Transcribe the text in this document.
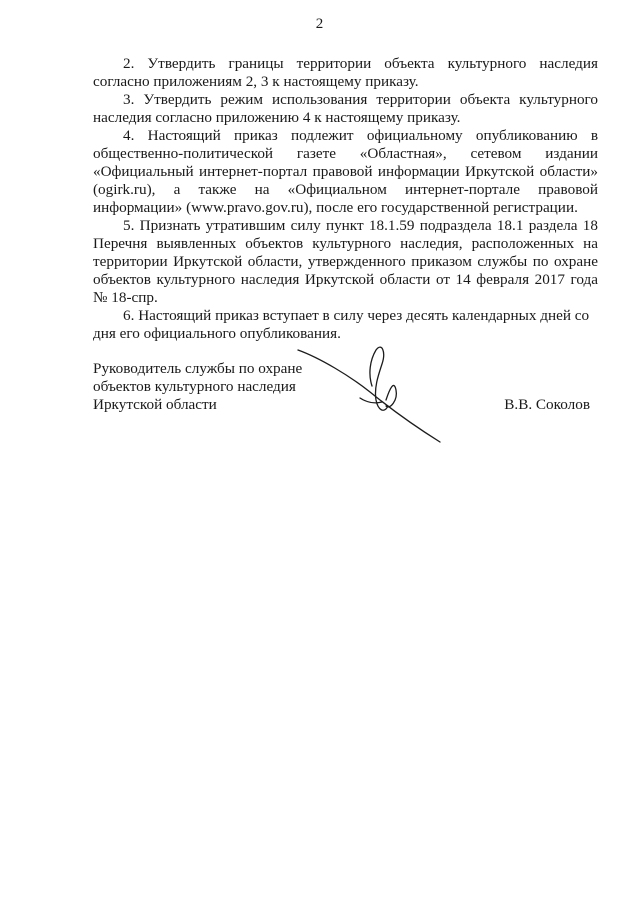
2

2. Утвердить границы территории объекта культурного наследия согласно приложениям 2, 3 к настоящему приказу.

3. Утвердить режим использования территории объекта культурного наследия согласно приложению 4 к настоящему приказу.

4. Настоящий приказ подлежит официальному опубликованию в общественно-политической газете «Областная», сетевом издании «Официальный интернет-портал правовой информации Иркутской области» (ogirk.ru), а также на «Официальном интернет-портале правовой информации» (www.pravo.gov.ru), после его государственной регистрации.

5. Признать утратившим силу пункт 18.1.59 подраздела 18.1 раздела 18 Перечня выявленных объектов культурного наследия, расположенных на территории Иркутской области, утвержденного приказом службы по охране объектов культурного наследия Иркутской области от 14 февраля 2017 года № 18-спр.

6. Настоящий приказ вступает в силу через десять календарных дней со дня его официального опубликования.

Руководитель службы по охране
объектов культурного наследия
Иркутской области	В.В. Соколов
